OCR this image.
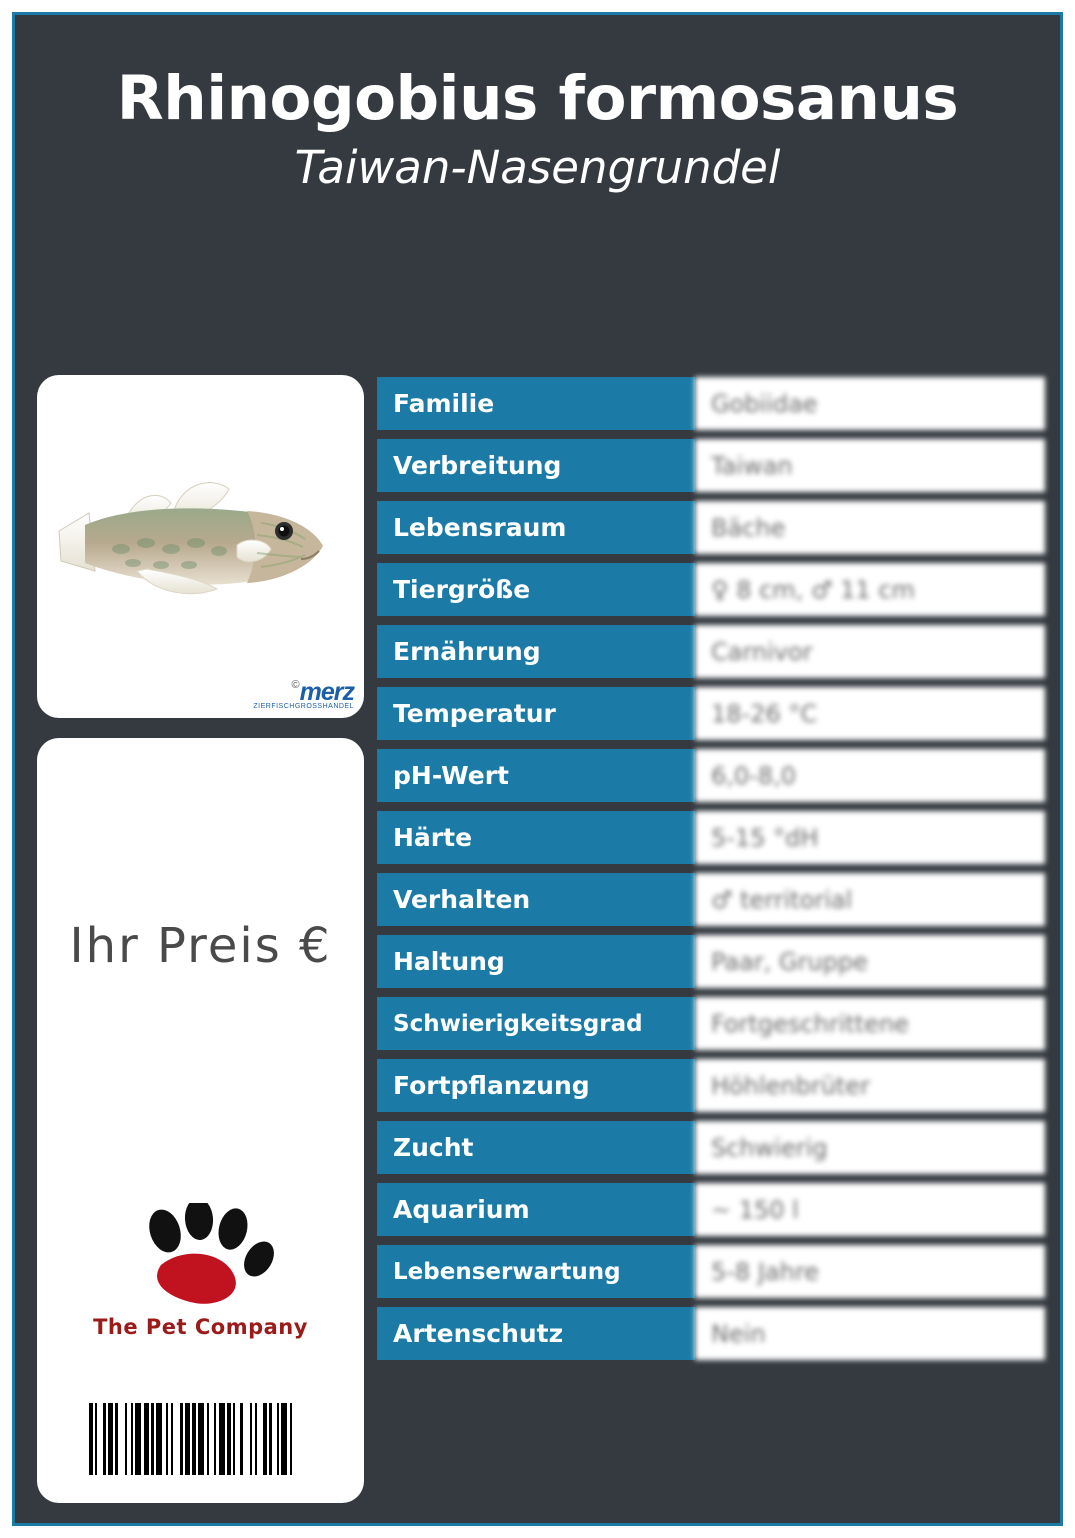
Rhinogobius formosanus
Taiwan-Nasengrundel
©merz
ZIERFISCHGROSSHANDEL
Ihr Preis €
The Pet Company
Familie	Gobiidae
Verbreitung	Taiwan
Lebensraum	Bäche
Tiergröße	♀ 8 cm, ♂ 11 cm
Ernährung	Carnivor
Temperatur	18-26 °C
pH-Wert	6,0-8,0
Härte	5-15 °dH
Verhalten	♂ territorial
Haltung	Paar, Gruppe
Schwierigkeitsgrad	Fortgeschrittene
Fortpflanzung	Höhlenbrüter
Zucht	Schwierig
Aquarium	~ 150 l
Lebenserwartung	5-8 Jahre
Artenschutz	Nein
